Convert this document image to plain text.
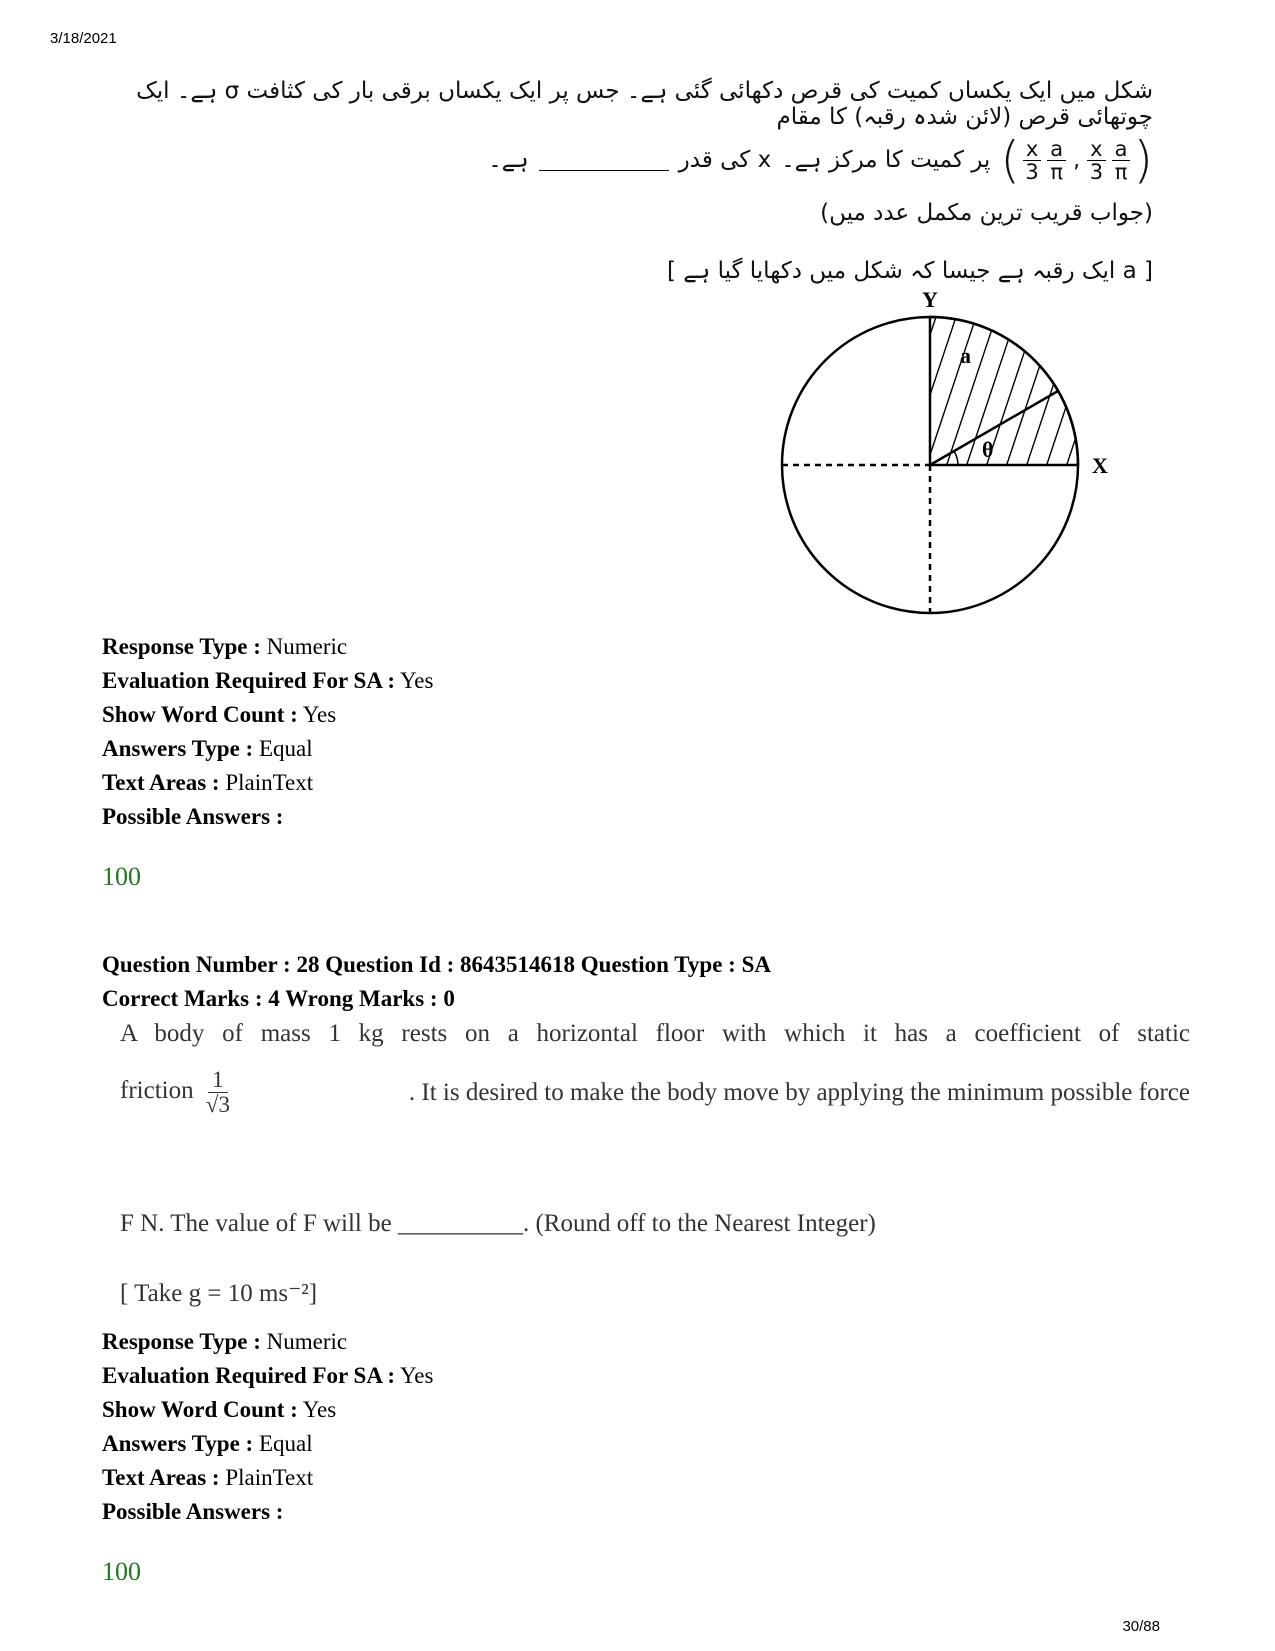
3/18/2021
شکل میں ایک یکساں کمیت کی قرص دکھائی گئی ہے۔ جس پر ایک یکساں برقی بار کی کثافت σ ہے۔ ایک چوتھائی قرص (لائن شدہ رقبہ) کا مقام
( $\frac{x}{3} \frac{a}{\pi}$ , $\frac{x}{3} \frac{a}{\pi}$ )
پر کمیت کا مرکز ہے۔
x کی قدر
ہے۔
(جواب قریب ترین مکمل عدد میں)
[ a ایک رقبہ ہے جیسا کہ شکل میں دکھایا گیا ہے ]
Y
X
a
θ
Response Type : Numeric
Evaluation Required For SA : Yes
Show Word Count : Yes
Answers Type : Equal
Text Areas : PlainText
Possible Answers :
100
Question Number : 28 Question Id : 8643514618 Question Type : SA
Correct Marks : 4 Wrong Marks : 0
A body of mass 1 kg rests on a horizontal floor with which it has a coefficient of static
friction $\frac{1}{√3}$	. It is desired to make the body move by applying the minimum possible force
F N. The value of F will be __________. (Round off to the Nearest Integer)
[ Take g = 10 ms⁻²]
Response Type : Numeric
Evaluation Required For SA : Yes
Show Word Count : Yes
Answers Type : Equal
Text Areas : PlainText
Possible Answers :
100
30/88
